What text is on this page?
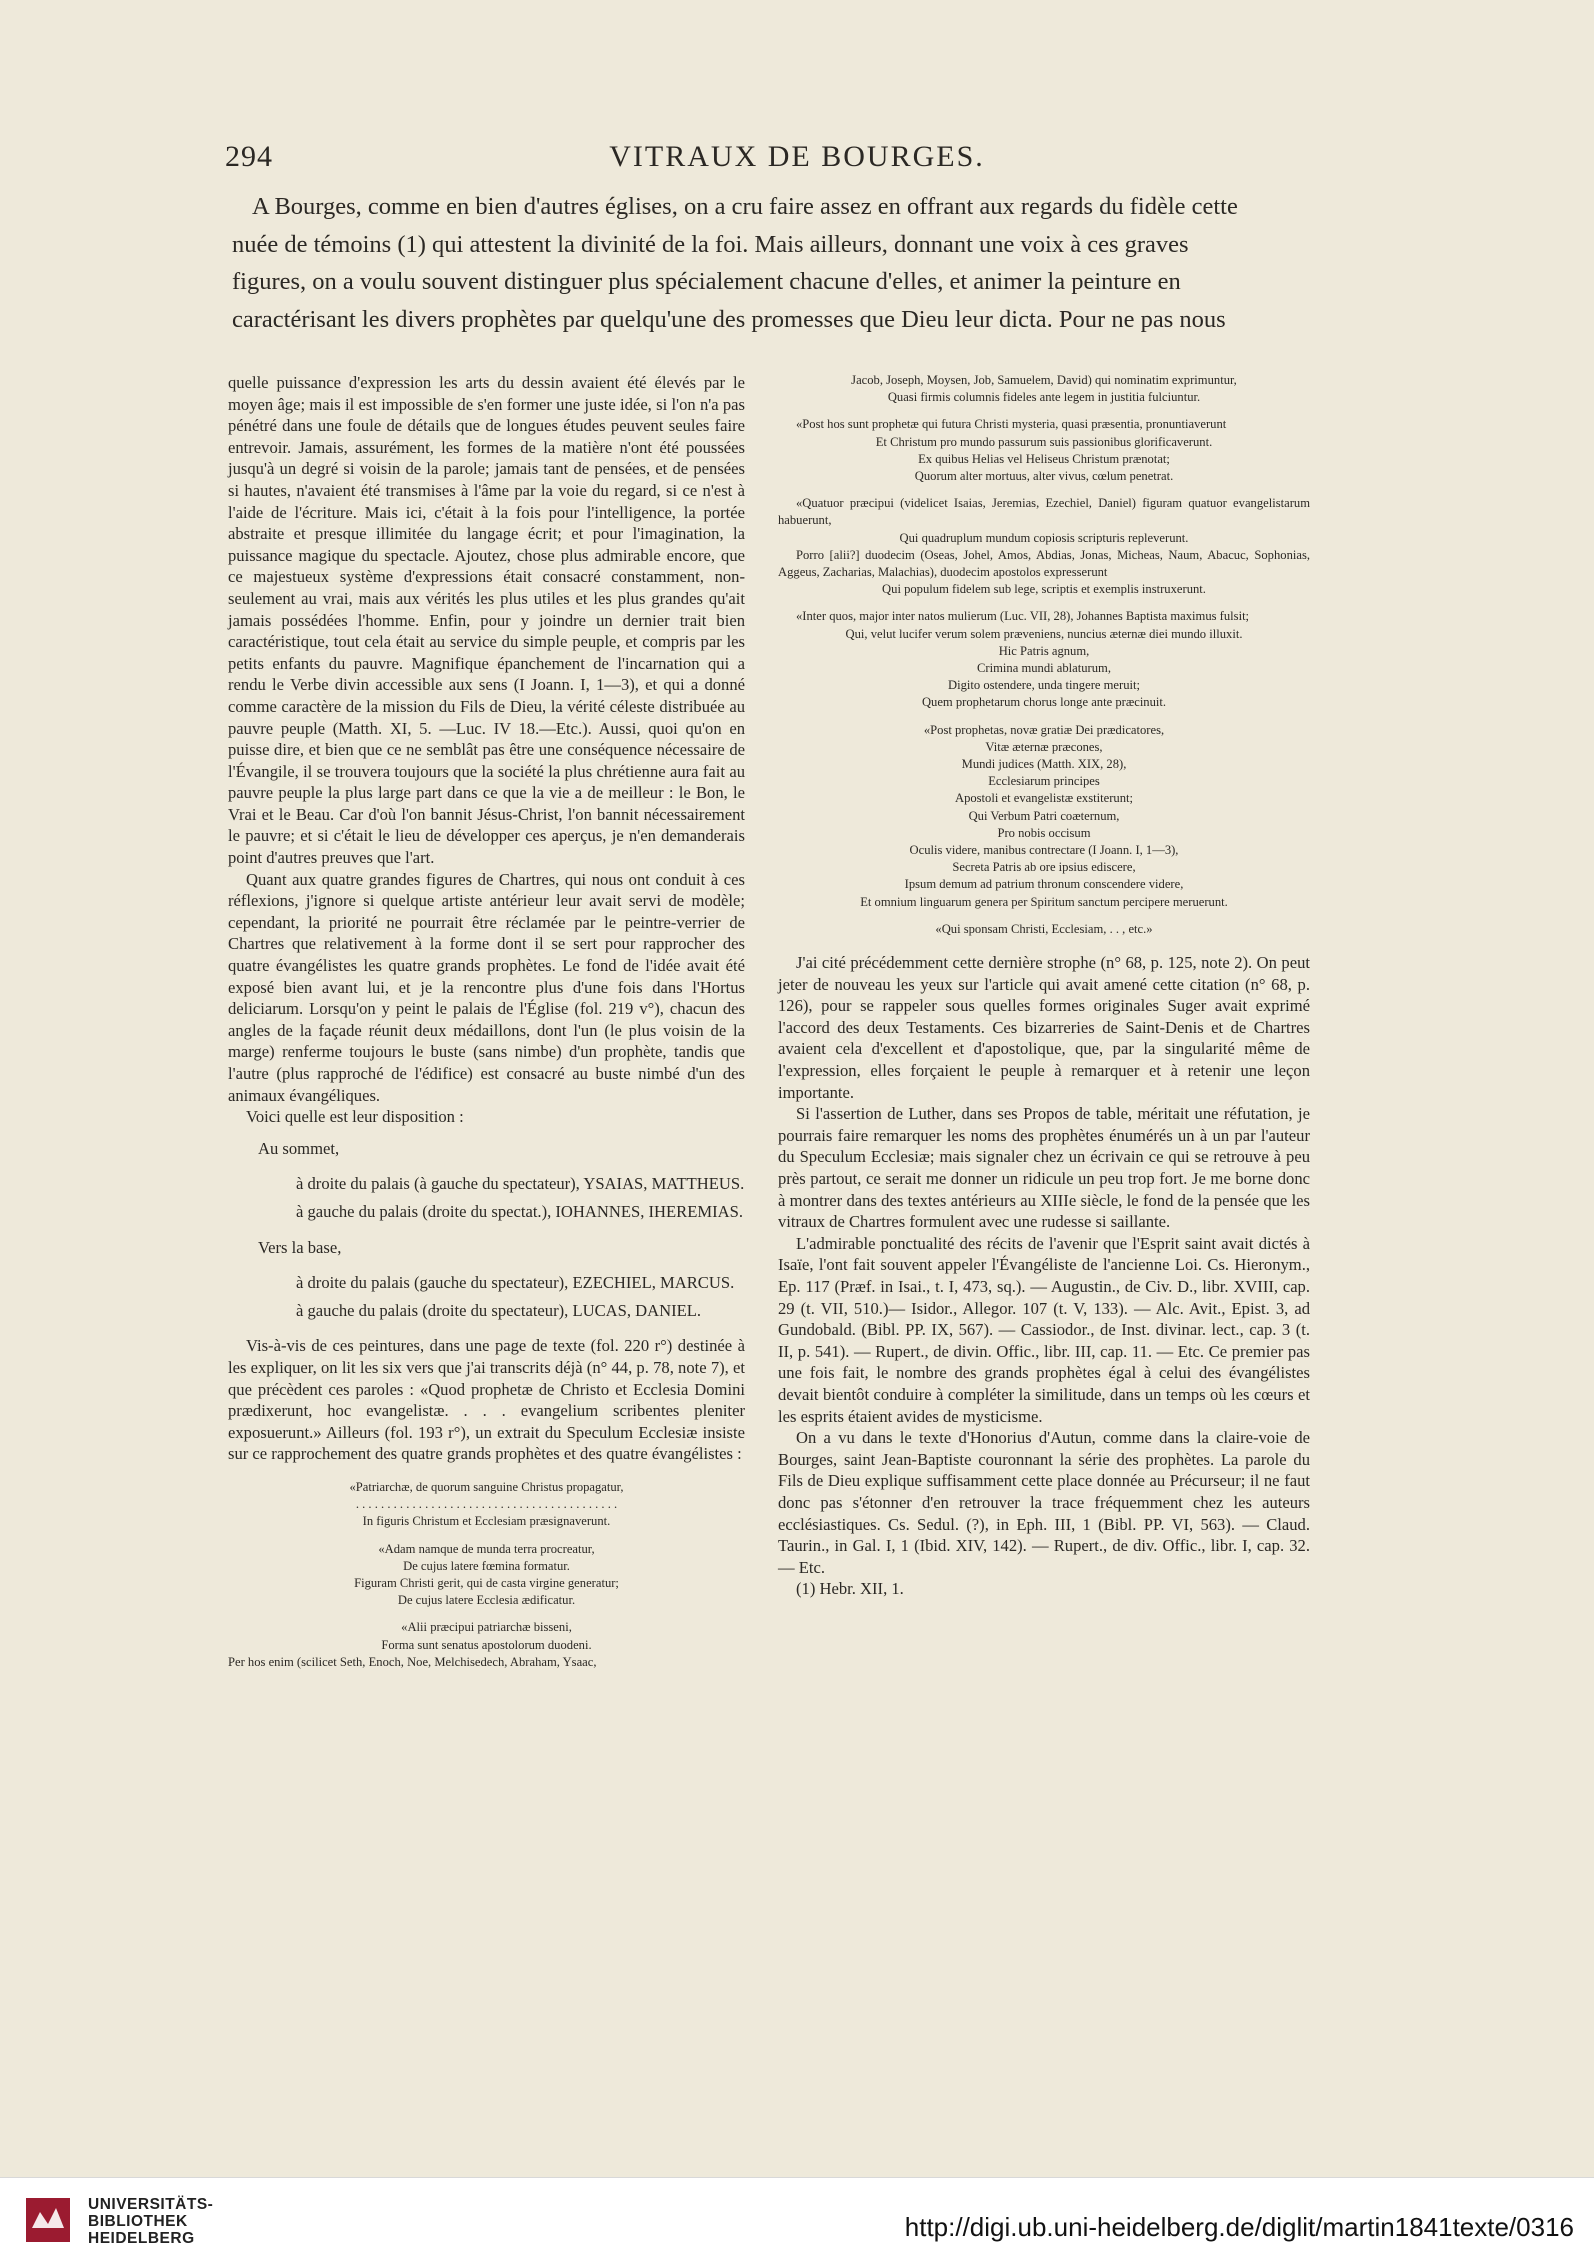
294	VITRAUX DE BOURGES.
A Bourges, comme en bien d'autres églises, on a cru faire assez en offrant aux regards du fidèle cette
nuée de témoins (1) qui attestent la divinité de la foi. Mais ailleurs, donnant une voix à ces graves
figures, on a voulu souvent distinguer plus spécialement chacune d'elles, et animer la peinture en
caractérisant les divers prophètes par quelqu'une des promesses que Dieu leur dicta. Pour ne pas nous

quelle puissance d'expression les arts du dessin avaient été élevés par le moyen âge; mais il est impossible de s'en former une juste idée, si l'on n'a pas pénétré dans une foule de détails que de longues études peuvent seules faire entrevoir. Jamais, assurément, les formes de la matière n'ont été poussées jusqu'à un degré si voisin de la parole; jamais tant de pensées, et de pensées si hautes, n'avaient été transmises à l'âme par la voie du regard, si ce n'est à l'aide de l'écriture. Mais ici, c'était à la fois pour l'intelligence, la portée abstraite et presque illimitée du langage écrit; et pour l'imagination, la puissance magique du spectacle. Ajoutez, chose plus admirable encore, que ce majestueux système d'expressions était consacré constamment, non-seulement au vrai, mais aux vérités les plus utiles et les plus grandes qu'ait jamais possédées l'homme. Enfin, pour y joindre un dernier trait bien caractéristique, tout cela était au service du simple peuple, et compris par les petits enfants du pauvre. Magnifique épanchement de l'incarnation qui a rendu le Verbe divin accessible aux sens (I Joann. I, 1—3), et qui a donné comme caractère de la mission du Fils de Dieu, la vérité céleste distribuée au pauvre peuple (Matth. XI, 5. —Luc. IV 18.—Etc.). Aussi, quoi qu'on en puisse dire, et bien que ce ne semblât pas être une conséquence nécessaire de l'Évangile, il se trouvera toujours que la société la plus chrétienne aura fait au pauvre peuple la plus large part dans ce que la vie a de meilleur : le Bon, le Vrai et le Beau. Car d'où l'on bannit Jésus-Christ, l'on bannit nécessairement le pauvre; et si c'était le lieu de développer ces aperçus, je n'en demanderais point d'autres preuves que l'art.

Quant aux quatre grandes figures de Chartres, qui nous ont conduit à ces réflexions, j'ignore si quelque artiste antérieur leur avait servi de modèle; cependant, la priorité ne pourrait être réclamée par le peintre-verrier de Chartres que relativement à la forme dont il se sert pour rapprocher des quatre évangélistes les quatre grands prophètes. Le fond de l'idée avait été exposé bien avant lui, et je la rencontre plus d'une fois dans l'Hortus deliciarum. Lorsqu'on y peint le palais de l'Église (fol. 219 v°), chacun des angles de la façade réunit deux médaillons, dont l'un (le plus voisin de la marge) renferme toujours le buste (sans nimbe) d'un prophète, tandis que l'autre (plus rapproché de l'édifice) est consacré au buste nimbé d'un des animaux évangéliques.

Voici quelle est leur disposition :

Au sommet,

à droite du palais (à gauche du spectateur), YSAIAS, MATTHEUS.

à gauche du palais (droite du spectat.), IOHANNES, IHEREMIAS.

Vers la base,

à droite du palais (gauche du spectateur), EZECHIEL, MARCUS.

à gauche du palais (droite du spectateur), LUCAS, DANIEL.

Vis-à-vis de ces peintures, dans une page de texte (fol. 220 r°) destinée à les expliquer, on lit les six vers que j'ai transcrits déjà (n° 44, p. 78, note 7), et que précèdent ces paroles : «Quod prophetæ de Christo et Ecclesia Domini prædixerunt, hoc evangelistæ. . . . evangelium scribentes pleniter exposuerunt.» Ailleurs (fol. 193 r°), un extrait du Speculum Ecclesiæ insiste sur ce rapprochement des quatre grands prophètes et des quatre évangélistes :

«Patriarchæ, de quorum sanguine Christus propagatur,

. . . . . . . . . . . . . . . . . . . . . . . . . . . . . . . . . . . . . . . . . .

In figuris Christum et Ecclesiam præsignaverunt.

«Adam namque de munda terra procreatur,
De cujus latere fœmina formatur.
Figuram Christi gerit, qui de casta virgine generatur;
De cujus latere Ecclesia ædificatur.

«Alii præcipui patriarchæ bisseni,
Forma sunt senatus apostolorum duodeni.

Per hos enim (scilicet Seth, Enoch, Noe, Melchisedech, Abraham, Ysaac,

Jacob, Joseph, Moysen, Job, Samuelem, David) qui nominatim exprimuntur,
Quasi firmis columnis fideles ante legem in justitia fulciuntur.

«Post hos sunt prophetæ qui futura Christi mysteria, quasi præsentia, pronuntiaverunt

Et Christum pro mundo passurum suis passionibus glorificaverunt.
Ex quibus Helias vel Heliseus Christum prænotat;
Quorum alter mortuus, alter vivus, cœlum penetrat.

«Quatuor præcipui (videlicet Isaias, Jeremias, Ezechiel, Daniel) figuram quatuor evangelistarum habuerunt,

Qui quadruplum mundum copiosis scripturis repleverunt.

Porro [alii?] duodecim (Oseas, Johel, Amos, Abdias, Jonas, Micheas, Naum, Abacuc, Sophonias, Aggeus, Zacharias, Malachias), duodecim apostolos expresserunt

Qui populum fidelem sub lege, scriptis et exemplis instruxerunt.

«Inter quos, major inter natos mulierum (Luc. VII, 28), Johannes Baptista maximus fulsit;

Qui, velut lucifer verum solem præveniens, nuncius æternæ diei mundo illuxit.

Hic Patris agnum,
Crimina mundi ablaturum,
Digito ostendere, unda tingere meruit;
Quem prophetarum chorus longe ante præcinuit.

«Post prophetas, novæ gratiæ Dei prædicatores,
Vitæ æternæ præcones,
Mundi judices (Matth. XIX, 28),
Ecclesiarum principes
Apostoli et evangelistæ exstiterunt;
Qui Verbum Patri coæternum,
Pro nobis occisum
Oculis videre, manibus contrectare (I Joann. I, 1—3),
Secreta Patris ab ore ipsius ediscere,
Ipsum demum ad patrium thronum conscendere videre,

Et omnium linguarum genera per Spiritum sanctum percipere meruerunt.

«Qui sponsam Christi, Ecclesiam, . . , etc.»

J'ai cité précédemment cette dernière strophe (n° 68, p. 125, note 2). On peut jeter de nouveau les yeux sur l'article qui avait amené cette citation (n° 68, p. 126), pour se rappeler sous quelles formes originales Suger avait exprimé l'accord des deux Testaments. Ces bizarreries de Saint-Denis et de Chartres avaient cela d'excellent et d'apostolique, que, par la singularité même de l'expression, elles forçaient le peuple à remarquer et à retenir une leçon importante.

Si l'assertion de Luther, dans ses Propos de table, méritait une réfutation, je pourrais faire remarquer les noms des prophètes énumérés un à un par l'auteur du Speculum Ecclesiæ; mais signaler chez un écrivain ce qui se retrouve à peu près partout, ce serait me donner un ridicule un peu trop fort. Je me borne donc à montrer dans des textes antérieurs au XIIIe siècle, le fond de la pensée que les vitraux de Chartres formulent avec une rudesse si saillante.

L'admirable ponctualité des récits de l'avenir que l'Esprit saint avait dictés à Isaïe, l'ont fait souvent appeler l'Évangéliste de l'ancienne Loi. Cs. Hieronym., Ep. 117 (Præf. in Isai., t. I, 473, sq.). — Augustin., de Civ. D., libr. XVIII, cap. 29 (t. VII, 510.)— Isidor., Allegor. 107 (t. V, 133). — Alc. Avit., Epist. 3, ad Gundobald. (Bibl. PP. IX, 567). — Cassiodor., de Inst. divinar. lect., cap. 3 (t. II, p. 541). — Rupert., de divin. Offic., libr. III, cap. 11. — Etc. Ce premier pas une fois fait, le nombre des grands prophètes égal à celui des évangélistes devait bientôt conduire à compléter la similitude, dans un temps où les cœurs et les esprits étaient avides de mysticisme.

On a vu dans le texte d'Honorius d'Autun, comme dans la claire-voie de Bourges, saint Jean-Baptiste couronnant la série des prophètes. La parole du Fils de Dieu explique suffisamment cette place donnée au Précurseur; il ne faut donc pas s'étonner d'en retrouver la trace fréquemment chez les auteurs ecclésiastiques. Cs. Sedul. (?), in Eph. III, 1 (Bibl. PP. VI, 563). — Claud. Taurin., in Gal. I, 1 (Ibid. XIV, 142). — Rupert., de div. Offic., libr. I, cap. 32. — Etc.

(1) Hebr. XII, 1.

UNIVERSITÄTS-
BIBLIOTHEK
HEIDELBERG	http://digi.ub.uni-heidelberg.de/diglit/martin1841texte/0316
